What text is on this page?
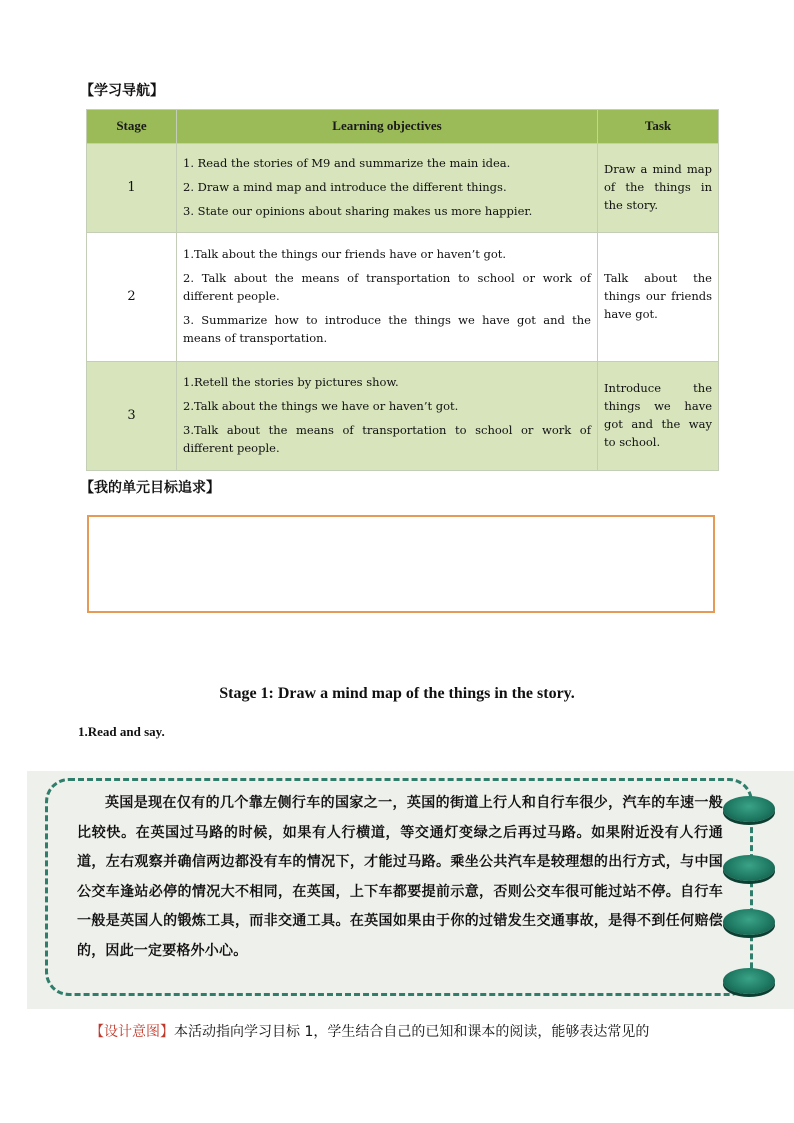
【学习导航】
Stage	Learning objectives	Task
1	1. Read the stories of M9 and summarize the main idea.

2. Draw a mind map and introduce the different things.

3. State our opinions about sharing makes us more happier.	Draw a mind map of the things in the story.
2	1.Talk about the things our friends have or haven’t got.

2. Talk about the means of transportation to school or work of different people.

3. Summarize how to introduce the things we have got and the means of transportation.	Talk about the things our friends have got.
3	1.Retell the stories by pictures show.

2.Talk about the things we have or haven’t got.

3.Talk about the means of transportation to school or work of different people.	Introduce the things we have got and the way to school.
【我的单元目标追求】
Stage 1: Draw a mind map of the things in the story.
1.Read and say.
英国是现在仅有的几个靠左侧行车的国家之一，英国的街道上行人和自行车很少，汽车的车速一般比较快。在英国过马路的时候，如果有人行横道，等交通灯变绿之后再过马路。如果附近没有人行通道，左右观察并确信两边都没有车的情况下，才能过马路。乘坐公共汽车是较理想的出行方式，与中国公交车逢站必停的情况大不相同，在英国，上下车都要提前示意，否则公交车很可能过站不停。自行车一般是英国人的锻炼工具，而非交通工具。在英国如果由于你的过错发生交通事故，是得不到任何赔偿的，因此一定要格外小心。
【设计意图】本活动指向学习目标 1，学生结合自己的已知和课本的阅读，能够表达常见的
